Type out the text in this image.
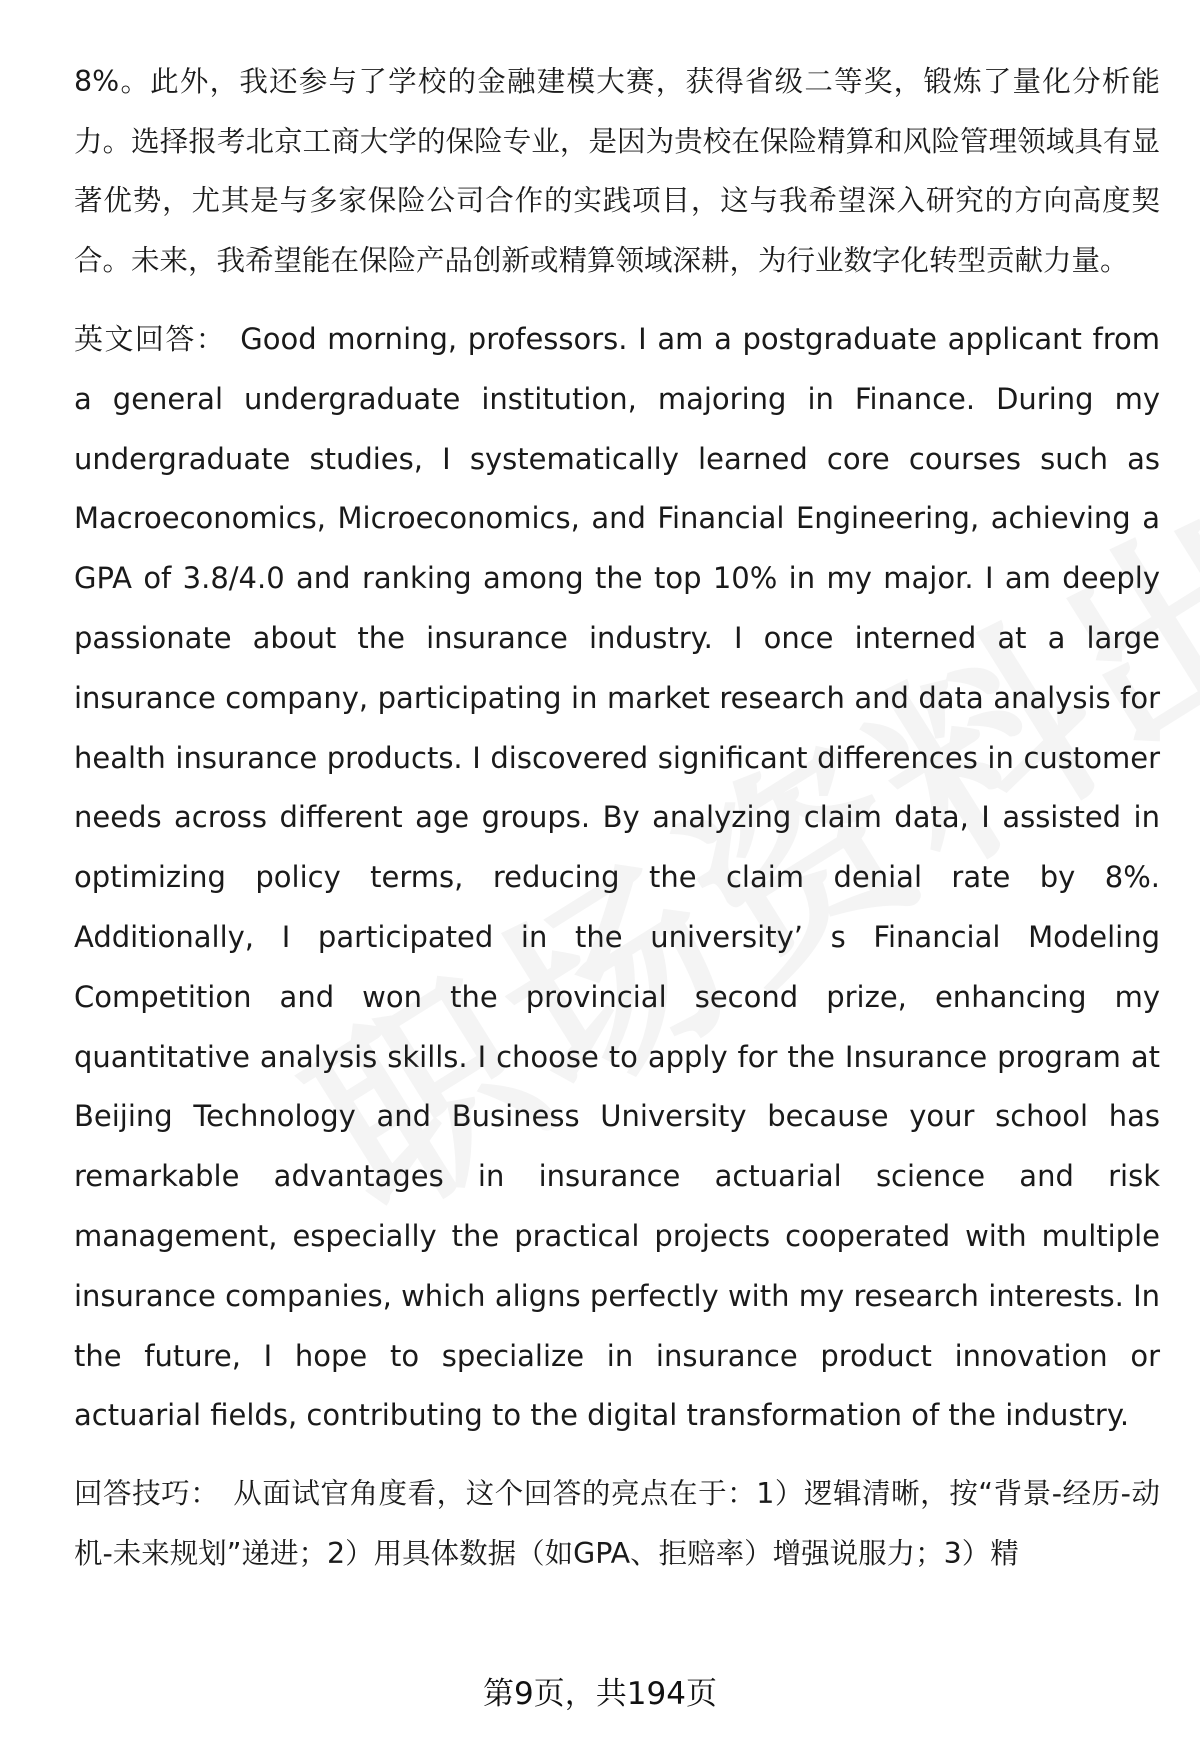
8%。此外，我还参与了学校的金融建模大赛，获得省级二等奖，锻炼了量化分析能力。选择报考北京工商大学的保险专业，是因为贵校在保险精算和风险管理领域具有显著优势，尤其是与多家保险公司合作的实践项目，这与我希望深入研究的方向高度契合。未来，我希望能在保险产品创新或精算领域深耕，为行业数字化转型贡献力量。

英文回答： Good morning, professors. I am a postgraduate applicant from a general undergraduate institution, majoring in Finance. During my undergraduate studies, I systematically learned core courses such as Macroeconomics, Microeconomics, and Financial Engineering, achieving a GPA of 3.8/4.0 and ranking among the top 10% in my major. I am deeply passionate about the insurance industry. I once interned at a large insurance company, participating in market research and data analysis for health insurance products. I discovered significant differences in customer needs across different age groups. By analyzing claim data, I assisted in optimizing policy terms, reducing the claim denial rate by 8%. Additionally, I participated in the university’ s Financial Modeling Competition and won the provincial second prize, enhancing my quantitative analysis skills. I choose to apply for the Insurance program at Beijing Technology and Business University because your school has remarkable advantages in insurance actuarial science and risk management, especially the practical projects cooperated with multiple insurance companies, which aligns perfectly with my research interests. In the future, I hope to specialize in insurance product innovation or actuarial fields, contributing to the digital transformation of the industry.

回答技巧： 从面试官角度看，这个回答的亮点在于：1）逻辑清晰，按“背景-经历-动机-未来规划”递进；2）用具体数据（如GPA、拒赔率）增强说服力；3）精

第9页，共194页
